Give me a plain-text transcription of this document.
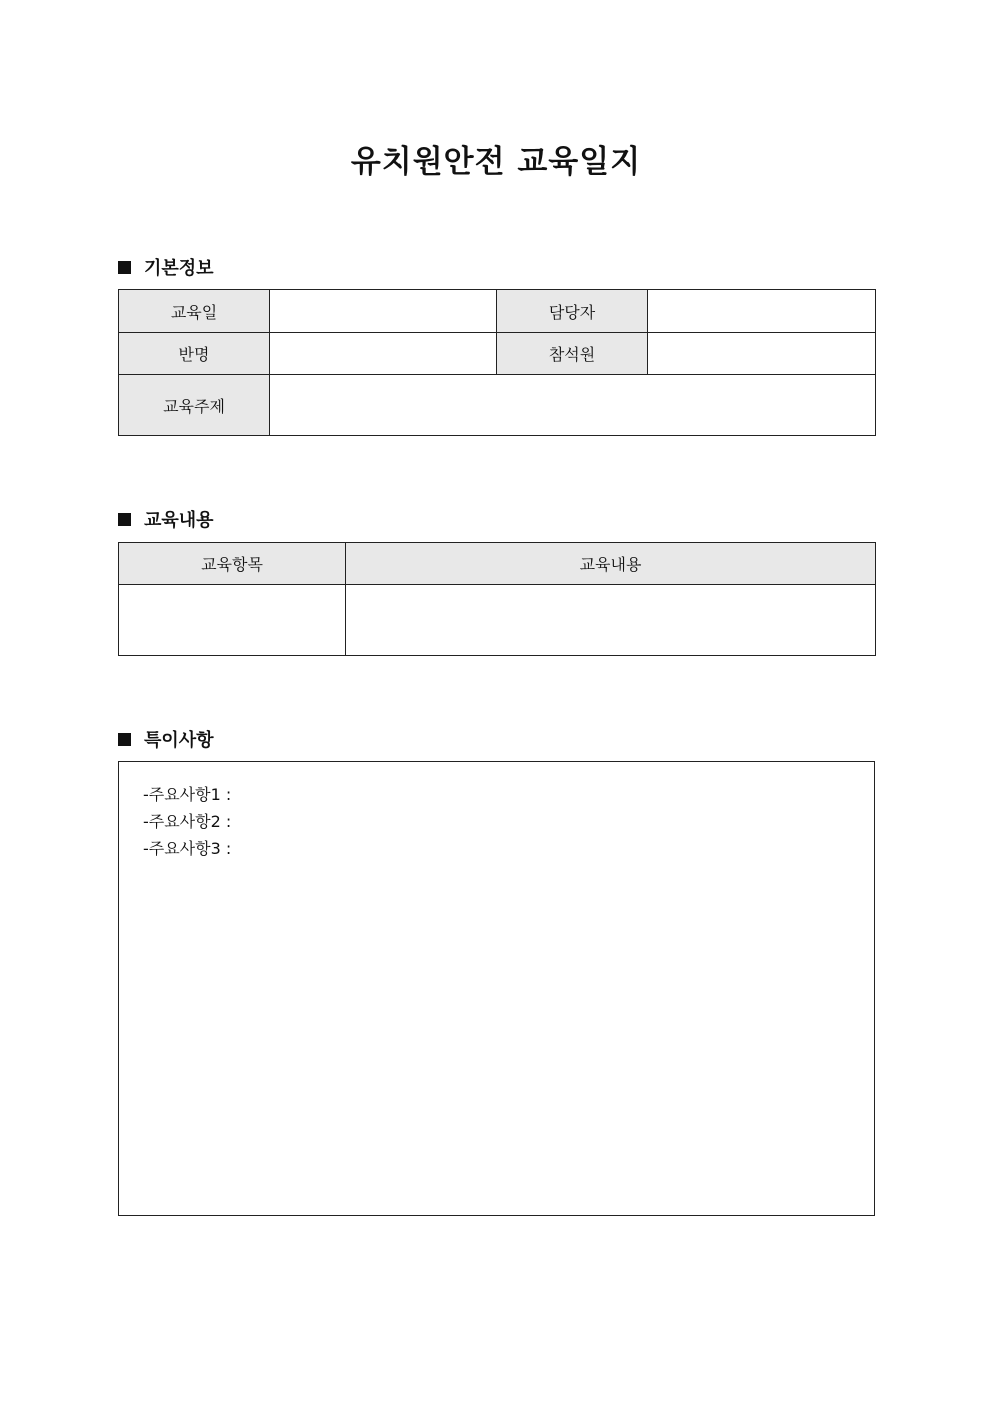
유치원안전 교육일지
기본정보
교육일		담당자	
반명		참석원	
교육주제			
교육내용
교육항목	교육내용

특이사항
-주요사항1 :
-주요사항2 :
-주요사항3 :
